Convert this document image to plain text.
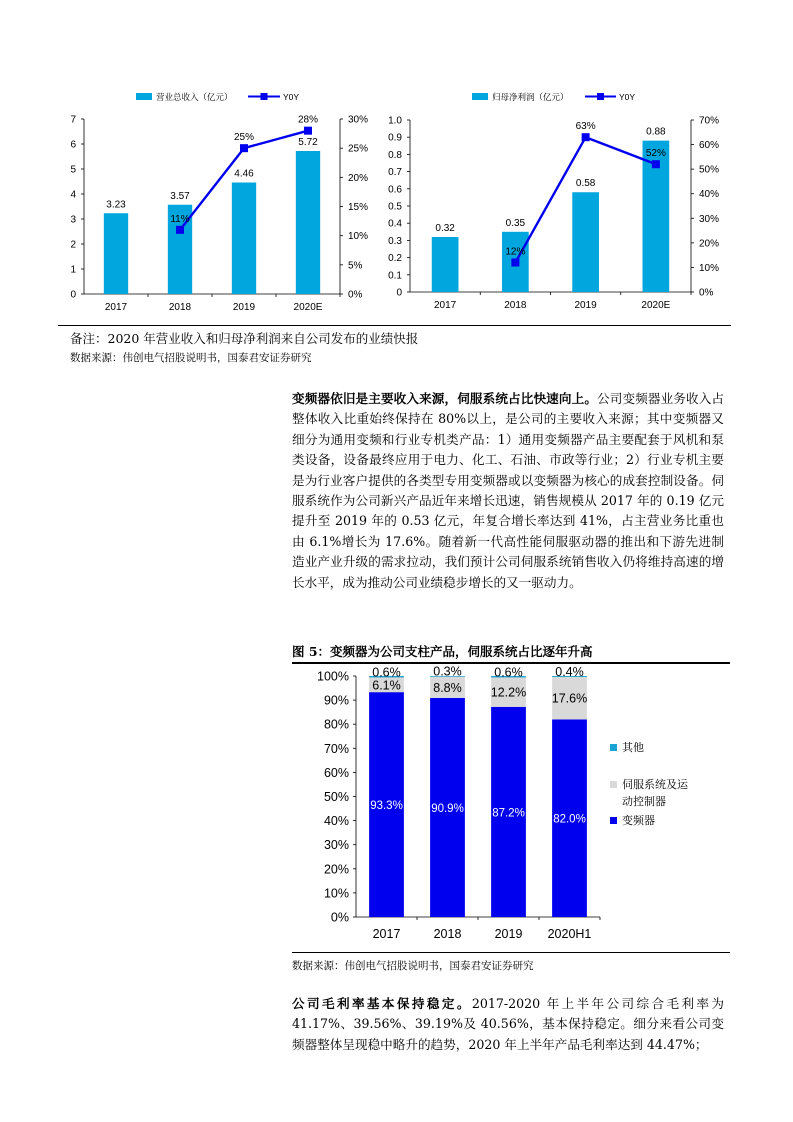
营业总收入（亿元）	Y0Y
0
1
2
3
4
5
6
7
0%
5%
10%
15%
20%
25%
30%
3.23
2017
3.57
2018
4.46
2019
5.72
2020E
11%
25%
28%
归母净利润（亿元）	Y0Y
0
0.1
0.2
0.3
0.4
0.5
0.6
0.7
0.8
0.9
1.0
0%
10%
20%
30%
40%
50%
60%
70%
0.32
2017
0.35
2018
0.58
2019
0.88
2020E
12%
63%
52%
备注：2020 年营业收入和归母净利润来自公司发布的业绩快报
数据来源：伟创电气招股说明书，国泰君安证券研究
变频器依旧是主要收入来源，伺服系统占比快速向上。公司变频器业务收入占整体收入比重始终保持在 80%以上，是公司的主要收入来源；其中变频器又细分为通用变频和行业专机类产品：1）通用变频器产品主要配套于风机和泵类设备，设备最终应用于电力、化工、石油、市政等行业；2）行业专机主要是为行业客户提供的各类型专用变频器或以变频器为核心的成套控制设备。伺服系统作为公司新兴产品近年来增长迅速，销售规模从 2017 年的 0.19 亿元提升至 2019 年的 0.53 亿元，年复合增长率达到 41%，占主营业务比重也由 6.1%增长为 17.6%。随着新一代高性能伺服驱动器的推出和下游先进制造业产业升级的需求拉动，我们预计公司伺服系统销售收入仍将维持高速的增长水平，成为推动公司业绩稳步增长的又一驱动力。
图 5：变频器为公司支柱产品，伺服系统占比逐年升高
0%
10%
20%
30%
40%
50%
60%
70%
80%
90%
100%
93.3%
6.1%
0.6%
2017
90.9%
8.8%
0.3%
2018
87.2%
12.2%
0.6%
2019
82.0%
17.6%
0.4%
2020H1
其他
伺服系统及运
动控制器
变频器
数据来源：伟创电气招股说明书，国泰君安证券研究
公司毛利率基本保持稳定。2017-2020 年上半年公司综合毛利率为 41.17%、39.56%、39.19%及 40.56%，基本保持稳定。细分来看公司变频器整体呈现稳中略升的趋势，2020 年上半年产品毛利率达到 44.47%；
